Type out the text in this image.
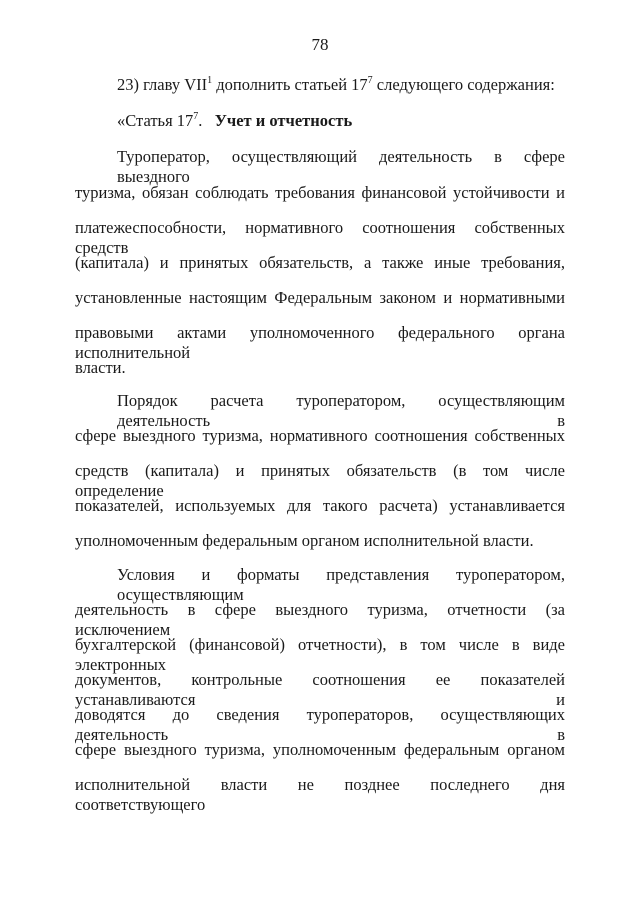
78
23) главу VII$^1$ дополнить статьей $17^7$ следующего содержания:
«Статья $17^7$. Учет и отчетность
Туроператор, осуществляющий деятельность в сфере выездного
туризма, обязан соблюдать требования финансовой устойчивости и
платежеспособности, нормативного соотношения собственных средств
(капитала) и принятых обязательств, а также иные требования,
установленные настоящим Федеральным законом и нормативными
правовыми актами уполномоченного федерального органа исполнительной
власти.
Порядок расчета туроператором, осуществляющим деятельность в
сфере выездного туризма, нормативного соотношения собственных
средств (капитала) и принятых обязательств (в том числе определение
показателей, используемых для такого расчета) устанавливается
уполномоченным федеральным органом исполнительной власти.
Условия и форматы представления туроператором, осуществляющим
деятельность в сфере выездного туризма, отчетности (за исключением
бухгалтерской (финансовой) отчетности), в том числе в виде электронных
документов, контрольные соотношения ее показателей устанавливаются и
доводятся до сведения туроператоров, осуществляющих деятельность в
сфере выездного туризма, уполномоченным федеральным органом
исполнительной власти не позднее последнего дня соответствующего
